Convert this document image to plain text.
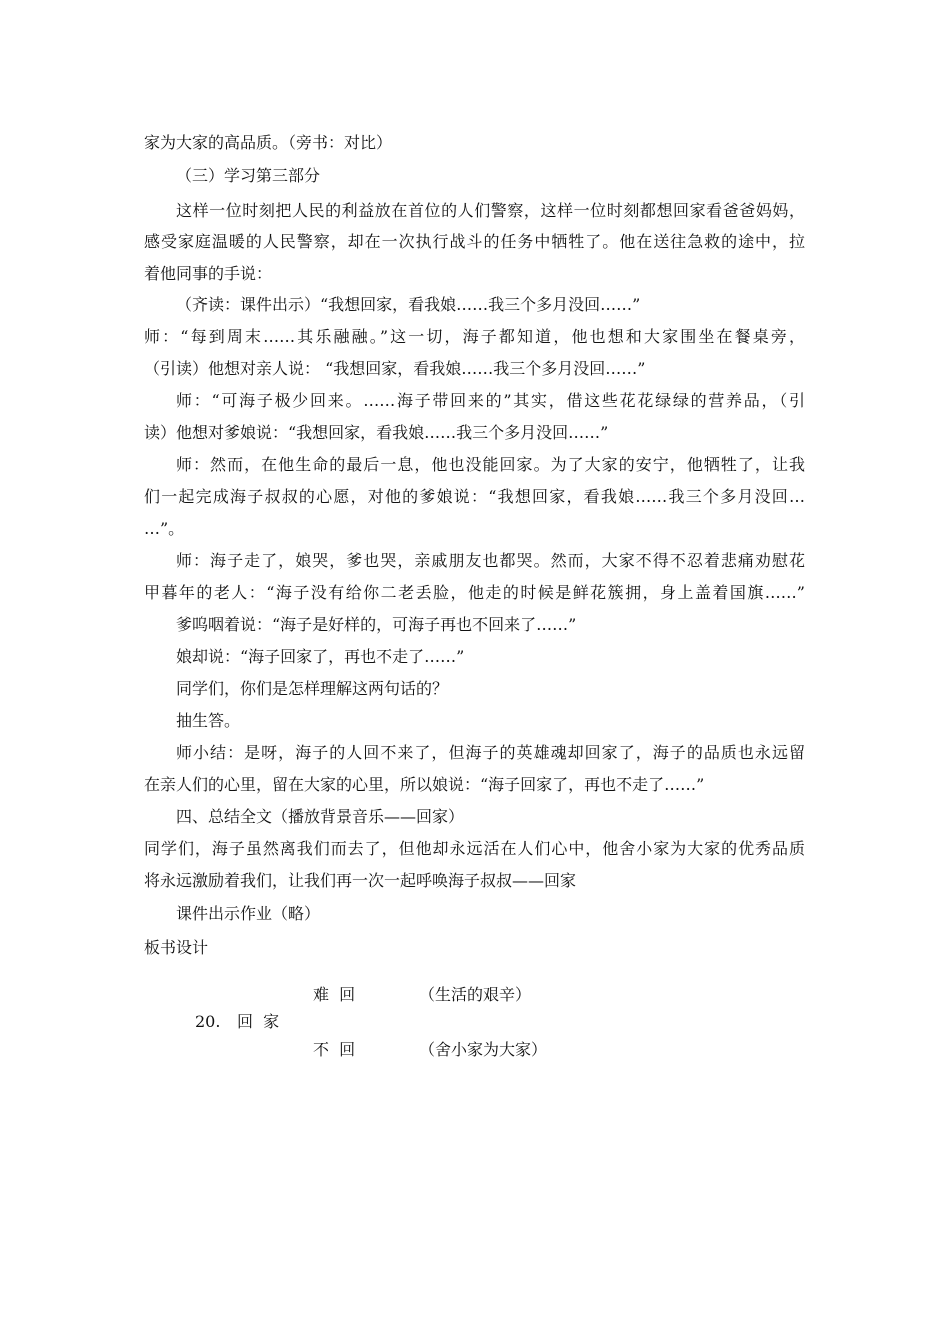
家为大家的高品质。（旁书：对比）
（三）学习第三部分
这样一位时刻把人民的利益放在首位的人们警察，这样一位时刻都想回家看爸爸妈妈，
感受家庭温暖的人民警察，却在一次执行战斗的任务中牺牲了。他在送往急救的途中，拉
着他同事的手说：
（齐读：课件出示）“我想回家，看我娘……我三个多月没回……”
师：“每到周末……其乐融融。”这一切，海子都知道，他也想和大家围坐在餐桌旁，
（引读）他想对亲人说： “我想回家，看我娘……我三个多月没回……”
师：“可海子极少回来。……海子带回来的”其实，借这些花花绿绿的营养品，（引
读）他想对爹娘说：“我想回家，看我娘……我三个多月没回……”
师：然而，在他生命的最后一息，他也没能回家。为了大家的安宁，他牺牲了，让我
们一起完成海子叔叔的心愿，对他的爹娘说：“我想回家，看我娘……我三个多月没回…
…”。
师：海子走了，娘哭，爹也哭，亲戚朋友也都哭。然而，大家不得不忍着悲痛劝慰花
甲暮年的老人：“海子没有给你二老丢脸，他走的时候是鲜花簇拥，身上盖着国旗……”
爹呜咽着说：“海子是好样的，可海子再也不回来了……”
娘却说：“海子回家了，再也不走了……”
同学们，你们是怎样理解这两句话的？
抽生答。
师小结：是呀，海子的人回不来了，但海子的英雄魂却回家了，海子的品质也永远留
在亲人们的心里，留在大家的心里，所以娘说：“海子回家了，再也不走了……”
四、总结全文（播放背景音乐——回家）
同学们，海子虽然离我们而去了，但他却永远活在人们心中，他舍小家为大家的优秀品质
将永远激励着我们，让我们再一次一起呼唤海子叔叔——回家
课件出示作业（略）
板书设计
难  回	（生活的艰辛）
20. 回  家
不  回	（舍小家为大家）
